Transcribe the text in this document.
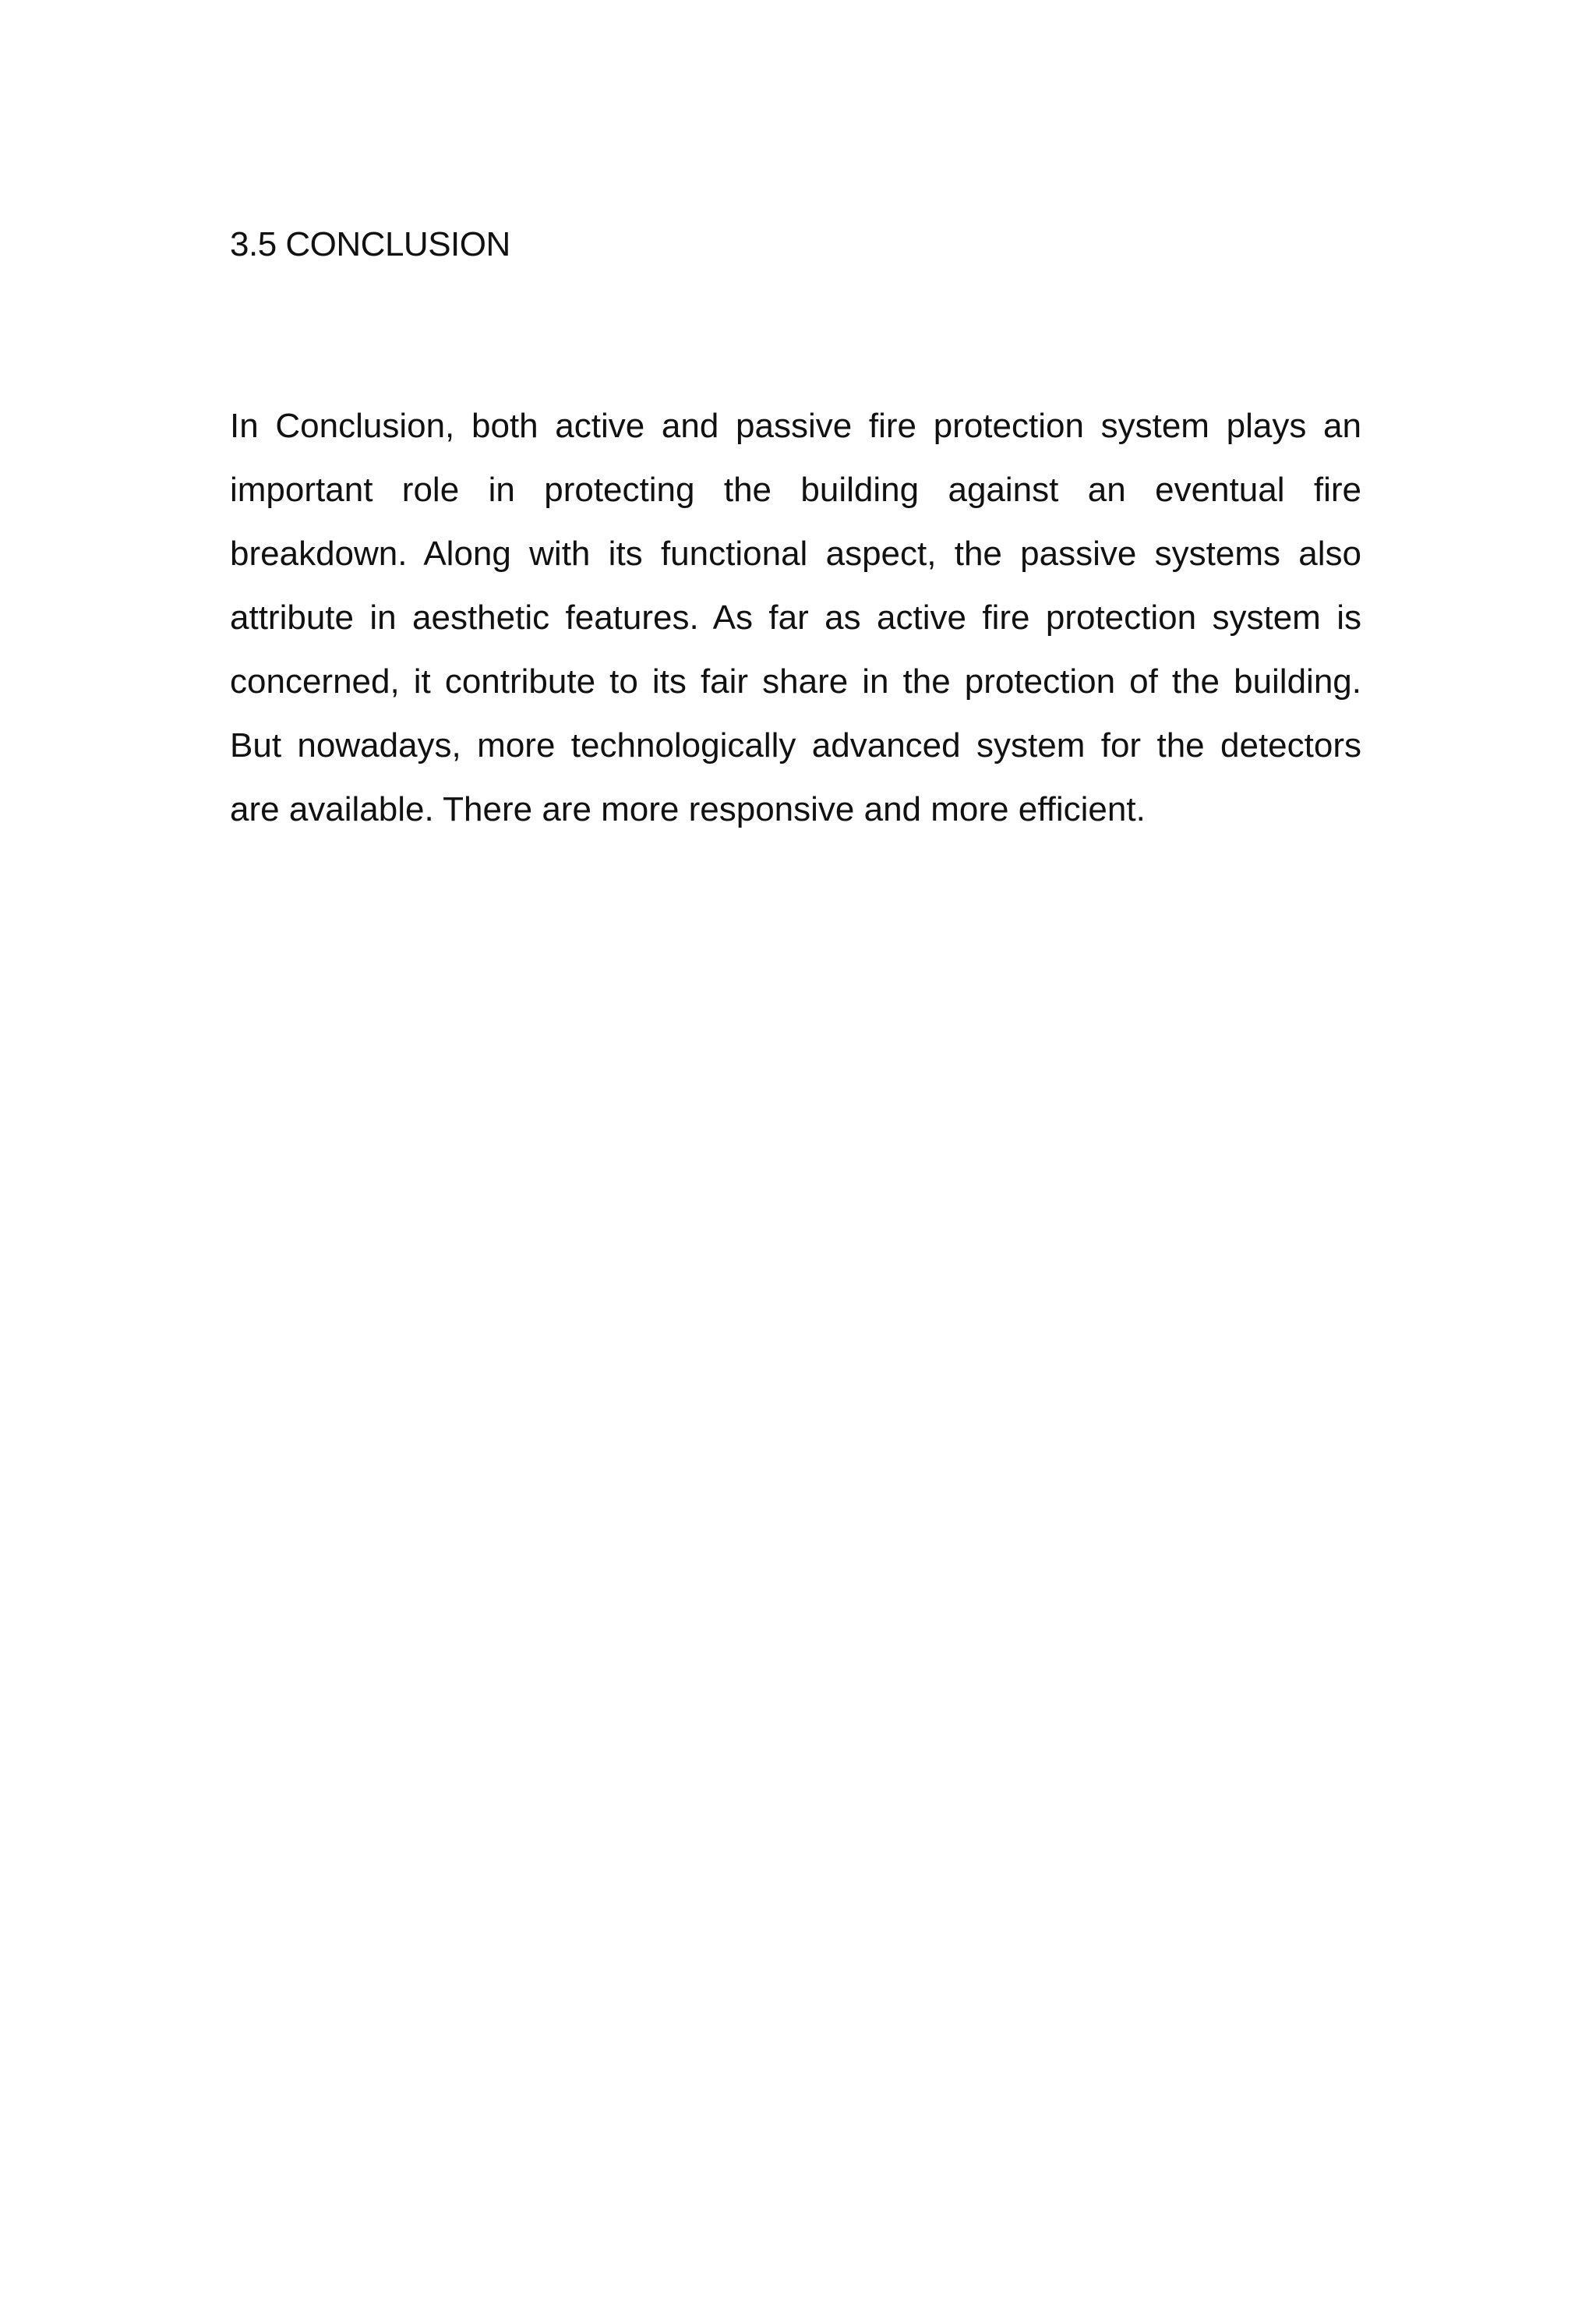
3.5 CONCLUSION

In Conclusion, both active and passive fire protection system plays an important role in protecting the building against an eventual fire breakdown. Along with its functional aspect, the passive systems also attribute in aesthetic features. As far as active fire protection system is concerned, it contribute to its fair share in the protection of the building. But nowadays, more technologically advanced system for the detectors are available. There are more responsive and more efficient.
